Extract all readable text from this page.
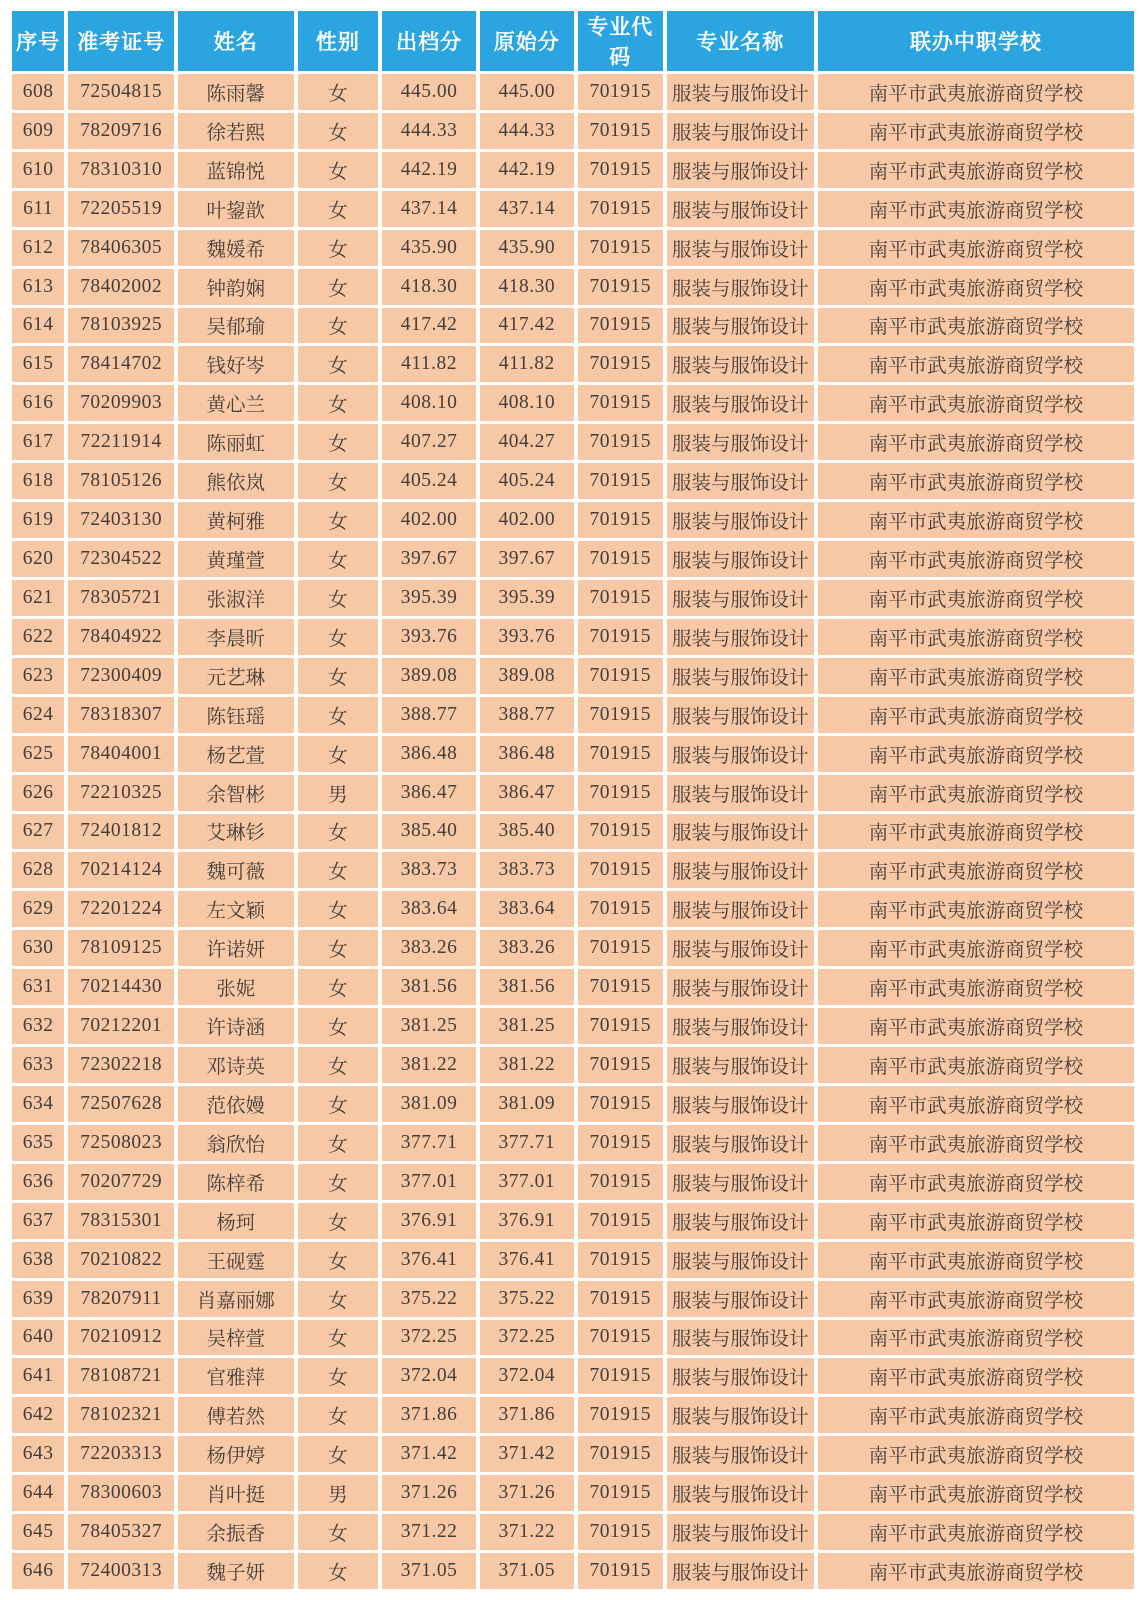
序号	准考证号	姓名	性别	出档分	原始分	专业代码	专业名称	联办中职学校
608	72504815	陈雨馨	女	445.00	445.00	701915	服装与服饰设计	南平市武夷旅游商贸学校
609	78209716	徐若熙	女	444.33	444.33	701915	服装与服饰设计	南平市武夷旅游商贸学校
610	78310310	蓝锦悦	女	442.19	442.19	701915	服装与服饰设计	南平市武夷旅游商贸学校
611	72205519	叶鋆歆	女	437.14	437.14	701915	服装与服饰设计	南平市武夷旅游商贸学校
612	78406305	魏媛希	女	435.90	435.90	701915	服装与服饰设计	南平市武夷旅游商贸学校
613	78402002	钟韵娴	女	418.30	418.30	701915	服装与服饰设计	南平市武夷旅游商贸学校
614	78103925	吴郁瑜	女	417.42	417.42	701915	服装与服饰设计	南平市武夷旅游商贸学校
615	78414702	钱好岑	女	411.82	411.82	701915	服装与服饰设计	南平市武夷旅游商贸学校
616	70209903	黄心兰	女	408.10	408.10	701915	服装与服饰设计	南平市武夷旅游商贸学校
617	72211914	陈丽虹	女	407.27	404.27	701915	服装与服饰设计	南平市武夷旅游商贸学校
618	78105126	熊依岚	女	405.24	405.24	701915	服装与服饰设计	南平市武夷旅游商贸学校
619	72403130	黄柯雅	女	402.00	402.00	701915	服装与服饰设计	南平市武夷旅游商贸学校
620	72304522	黄瑾萱	女	397.67	397.67	701915	服装与服饰设计	南平市武夷旅游商贸学校
621	78305721	张淑洋	女	395.39	395.39	701915	服装与服饰设计	南平市武夷旅游商贸学校
622	78404922	李晨昕	女	393.76	393.76	701915	服装与服饰设计	南平市武夷旅游商贸学校
623	72300409	元艺琳	女	389.08	389.08	701915	服装与服饰设计	南平市武夷旅游商贸学校
624	78318307	陈钰瑶	女	388.77	388.77	701915	服装与服饰设计	南平市武夷旅游商贸学校
625	78404001	杨艺萱	女	386.48	386.48	701915	服装与服饰设计	南平市武夷旅游商贸学校
626	72210325	余智彬	男	386.47	386.47	701915	服装与服饰设计	南平市武夷旅游商贸学校
627	72401812	艾琳钐	女	385.40	385.40	701915	服装与服饰设计	南平市武夷旅游商贸学校
628	70214124	魏可薇	女	383.73	383.73	701915	服装与服饰设计	南平市武夷旅游商贸学校
629	72201224	左文颖	女	383.64	383.64	701915	服装与服饰设计	南平市武夷旅游商贸学校
630	78109125	许诺妍	女	383.26	383.26	701915	服装与服饰设计	南平市武夷旅游商贸学校
631	70214430	张妮	女	381.56	381.56	701915	服装与服饰设计	南平市武夷旅游商贸学校
632	70212201	许诗涵	女	381.25	381.25	701915	服装与服饰设计	南平市武夷旅游商贸学校
633	72302218	邓诗英	女	381.22	381.22	701915	服装与服饰设计	南平市武夷旅游商贸学校
634	72507628	范依嫚	女	381.09	381.09	701915	服装与服饰设计	南平市武夷旅游商贸学校
635	72508023	翁欣怡	女	377.71	377.71	701915	服装与服饰设计	南平市武夷旅游商贸学校
636	70207729	陈梓希	女	377.01	377.01	701915	服装与服饰设计	南平市武夷旅游商贸学校
637	78315301	杨珂	女	376.91	376.91	701915	服装与服饰设计	南平市武夷旅游商贸学校
638	70210822	王砚霆	女	376.41	376.41	701915	服装与服饰设计	南平市武夷旅游商贸学校
639	78207911	肖嘉丽娜	女	375.22	375.22	701915	服装与服饰设计	南平市武夷旅游商贸学校
640	70210912	吴梓萱	女	372.25	372.25	701915	服装与服饰设计	南平市武夷旅游商贸学校
641	78108721	官雅萍	女	372.04	372.04	701915	服装与服饰设计	南平市武夷旅游商贸学校
642	78102321	傅若然	女	371.86	371.86	701915	服装与服饰设计	南平市武夷旅游商贸学校
643	72203313	杨伊婷	女	371.42	371.42	701915	服装与服饰设计	南平市武夷旅游商贸学校
644	78300603	肖叶挺	男	371.26	371.26	701915	服装与服饰设计	南平市武夷旅游商贸学校
645	78405327	余振香	女	371.22	371.22	701915	服装与服饰设计	南平市武夷旅游商贸学校
646	72400313	魏子妍	女	371.05	371.05	701915	服装与服饰设计	南平市武夷旅游商贸学校
